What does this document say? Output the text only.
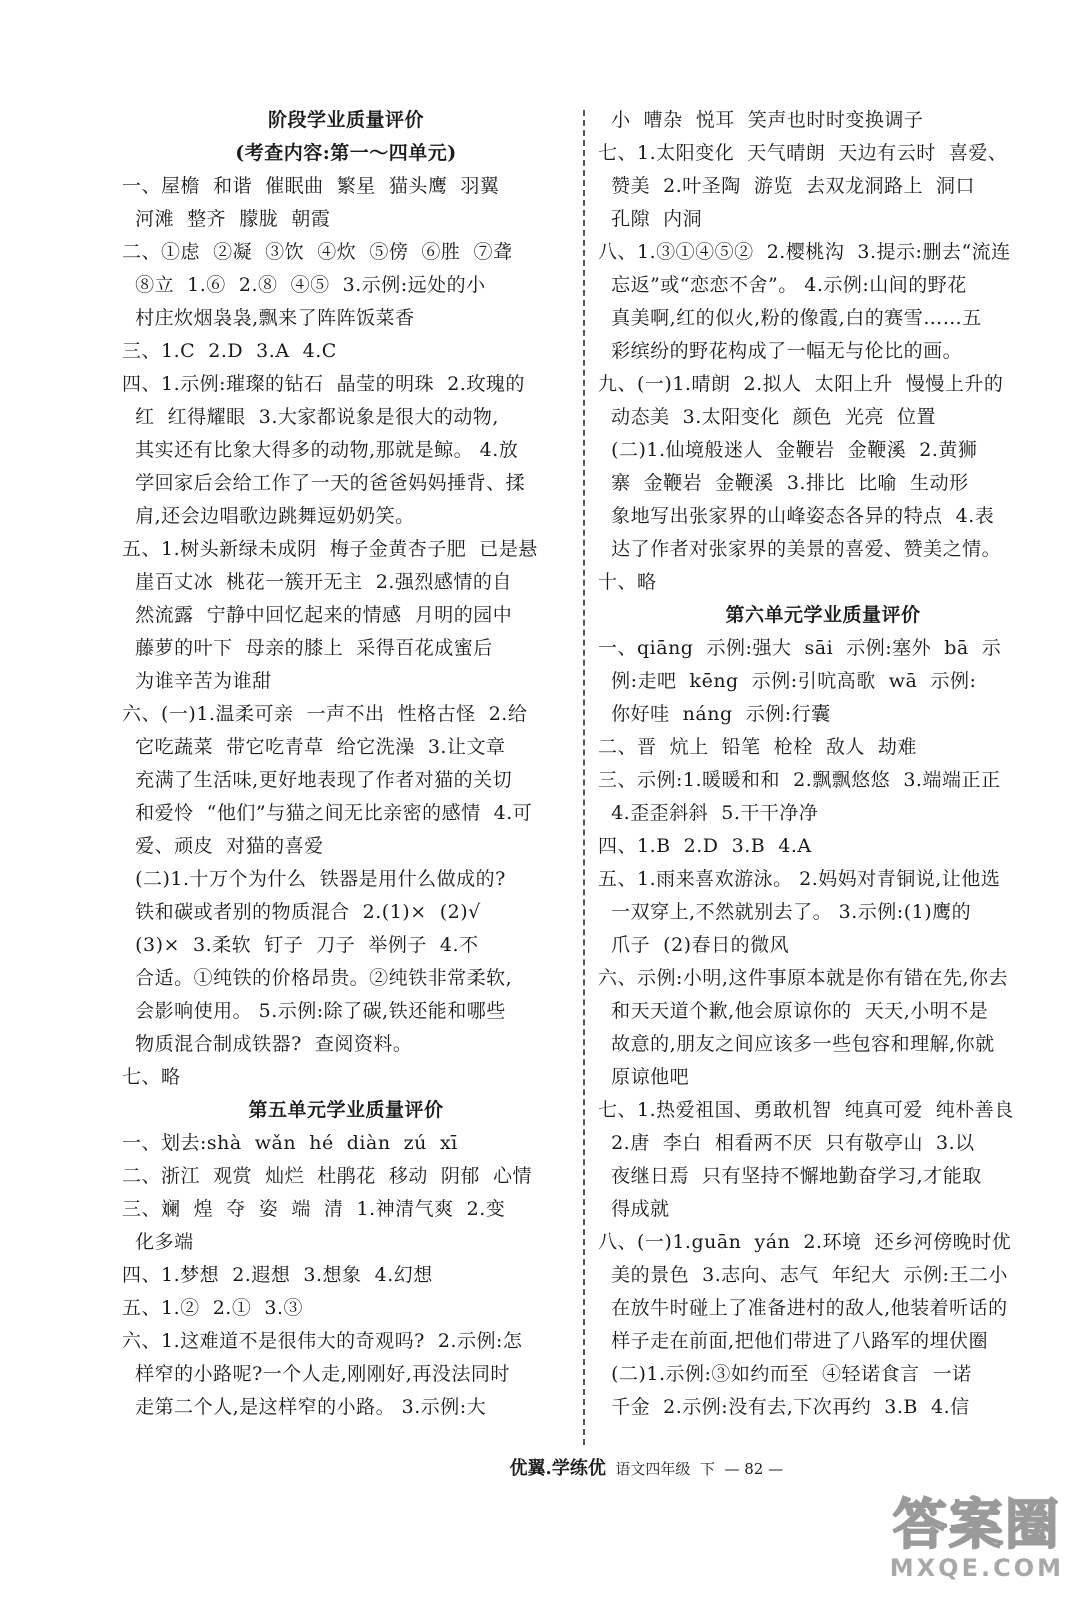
阶段学业质量评价
(考查内容:第一～四单元)
一、屋檐  和谐  催眠曲  繁星  猫头鹰  羽翼
河滩  整齐  朦胧  朝霞
二、①虑  ②凝  ③饮  ④炊  ⑤傍  ⑥胜  ⑦聋
⑧立  1.⑥  2.⑧  ④⑤  3.示例:远处的小
村庄炊烟袅袅,飘来了阵阵饭菜香
三、1.C  2.D  3.A  4.C
四、1.示例:璀璨的钻石  晶莹的明珠  2.玫瑰的
红  红得耀眼  3.大家都说象是很大的动物,
其实还有比象大得多的动物,那就是鲸。 4.放
学回家后会给工作了一天的爸爸妈妈捶背、揉
肩,还会边唱歌边跳舞逗奶奶笑。
五、1.树头新绿未成阴  梅子金黄杏子肥  已是悬
崖百丈冰  桃花一簇开无主  2.强烈感情的自
然流露  宁静中回忆起来的情感  月明的园中
藤萝的叶下  母亲的膝上  采得百花成蜜后
为谁辛苦为谁甜
六、(一)1.温柔可亲  一声不出  性格古怪  2.给
它吃蔬菜  带它吃青草  给它洗澡  3.让文章
充满了生活味,更好地表现了作者对猫的关切
和爱怜  “他们”与猫之间无比亲密的感情  4.可
爱、顽皮  对猫的喜爱
(二)1.十万个为什么  铁器是用什么做成的?
铁和碳或者别的物质混合  2.(1)×  (2)√
(3)×  3.柔软  钉子  刀子  举例子  4.不
合适。①纯铁的价格昂贵。②纯铁非常柔软,
会影响使用。 5.示例:除了碳,铁还能和哪些
物质混合制成铁器?  查阅资料。
七、略
第五单元学业质量评价
一、划去:shà  wǎn  hé  diàn  zú  xī
二、浙江  观赏  灿烂  杜鹃花  移动  阴郁  心情
三、斓  煌  夺  姿  端  清  1.神清气爽  2.变
化多端
四、1.梦想  2.遐想  3.想象  4.幻想
五、1.②  2.①  3.③
六、1.这难道不是很伟大的奇观吗?  2.示例:怎
样窄的小路呢?一个人走,刚刚好,再没法同时
走第二个人,是这样窄的小路。 3.示例:大
小  嘈杂  悦耳  笑声也时时变换调子
七、1.太阳变化  天气晴朗  天边有云时  喜爱、
赞美  2.叶圣陶  游览  去双龙洞路上  洞口
孔隙  内洞
八、1.③①④⑤②  2.樱桃沟  3.提示:删去“流连
忘返”或“恋恋不舍”。 4.示例:山间的野花
真美啊,红的似火,粉的像霞,白的赛雪……五
彩缤纷的野花构成了一幅无与伦比的画。
九、(一)1.晴朗  2.拟人  太阳上升  慢慢上升的
动态美  3.太阳变化  颜色  光亮  位置
(二)1.仙境般迷人  金鞭岩  金鞭溪  2.黄狮
寨  金鞭岩  金鞭溪  3.排比  比喻  生动形
象地写出张家界的山峰姿态各异的特点  4.表
达了作者对张家界的美景的喜爱、赞美之情。
十、略
第六单元学业质量评价
一、qiāng  示例:强大  sāi  示例:塞外  bā  示
例:走吧  kēng  示例:引吭高歌  wā  示例:
你好哇  náng  示例:行囊
二、晋  炕上  铅笔  枪栓  敌人  劫难
三、示例:1.暖暖和和  2.飘飘悠悠  3.端端正正
4.歪歪斜斜  5.干干净净
四、1.B  2.D  3.B  4.A
五、1.雨来喜欢游泳。 2.妈妈对青铜说,让他选
一双穿上,不然就别去了。 3.示例:(1)鹰的
爪子  (2)春日的微风
六、示例:小明,这件事原本就是你有错在先,你去
和天天道个歉,他会原谅你的  天天,小明不是
故意的,朋友之间应该多一些包容和理解,你就
原谅他吧
七、1.热爱祖国、勇敢机智  纯真可爱  纯朴善良
2.唐  李白  相看两不厌  只有敬亭山  3.以
夜继日焉  只有坚持不懈地勤奋学习,才能取
得成就
八、(一)1.guān  yán  2.环境  还乡河傍晚时优
美的景色  3.志向、志气  年纪大  示例:王二小
在放牛时碰上了准备进村的敌人,他装着听话的
样子走在前面,把他们带进了八路军的埋伏圈
(二)1.示例:③如约而至  ④轻诺食言  一诺
千金  2.示例:没有去,下次再约  3.B  4.信

优翼.学练优 语文四年级 下 — 82 —

答案圈
MXQE.COM
